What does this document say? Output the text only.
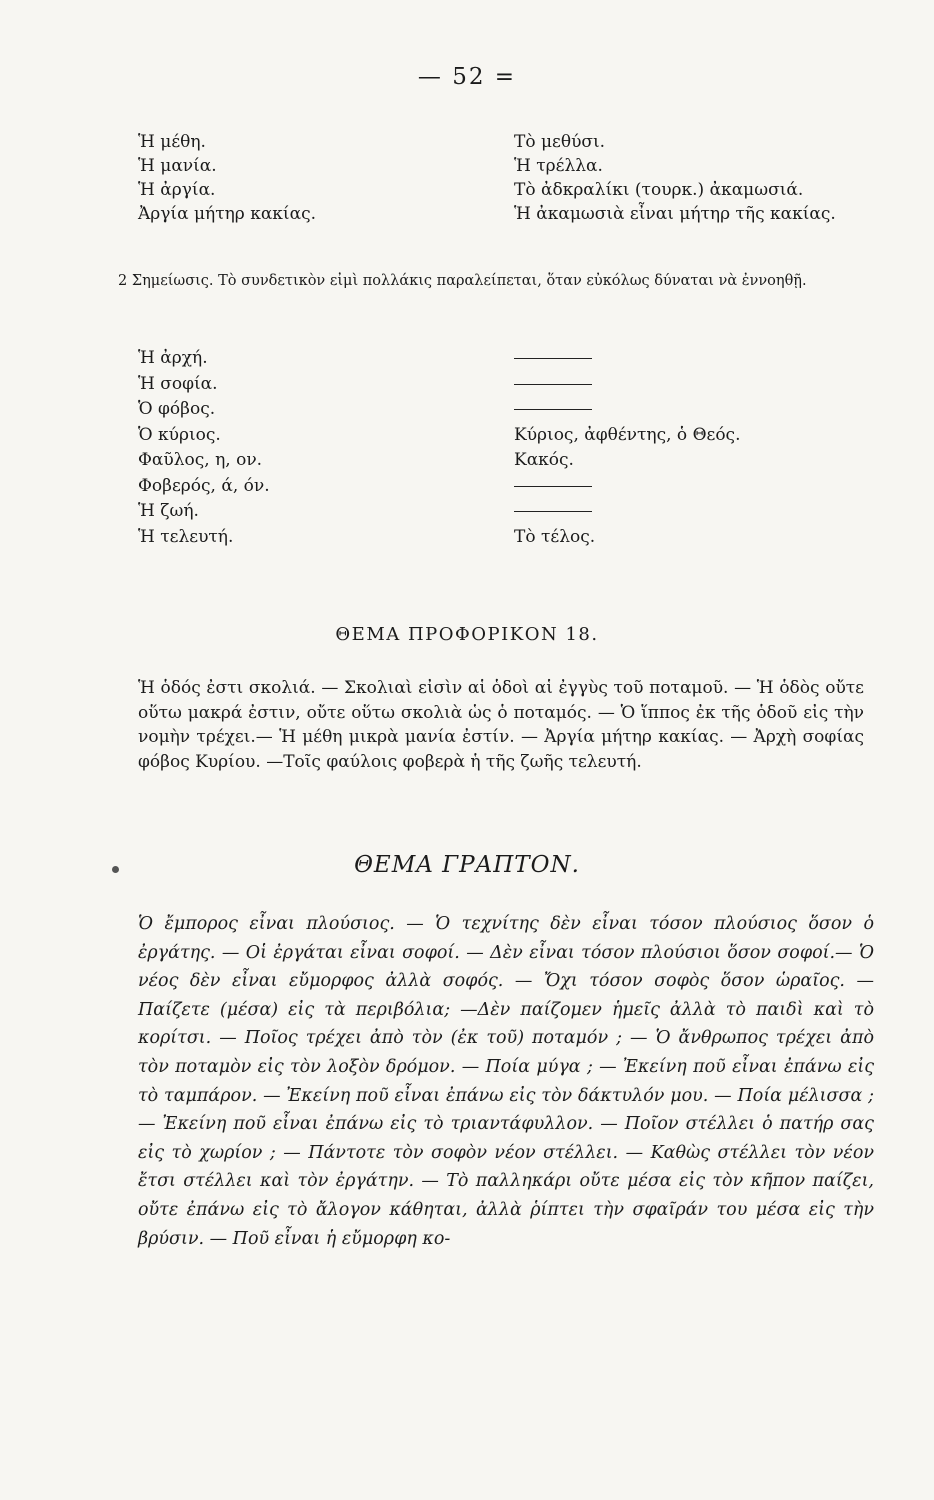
— 52 =
Ἡ μέθη.	Τὸ μεθύσι.
Ἡ μανία.	Ἡ τρέλλα.
Ἡ ἀργία.	Τὸ ἀδκραλίκι (τουρκ.) ἀκαμωσιά.
Ἀργία μήτηρ κακίας.	Ἡ ἀκαμωσιὰ εἶναι μήτηρ τῆς κακίας.
2 Σημείωσις. Τὸ συνδετικὸν εἰμὶ πολλάκις παραλείπεται, ὅταν εὐκόλως δύναται νὰ ἐννοηθῇ.
Ἡ ἀρχή.
Ἡ σοφία.
Ὁ φόβος.
Ὁ κύριος.	Κύριος, ἀφθέντης, ὁ Θεός.
Φαῦλος, η, ον.	Κακός.
Φοβερός, ά, όν.
Ἡ ζωή.
Ἡ τελευτή.	Τὸ τέλος.
ΘΕΜΑ ΠΡΟΦΟΡΙΚΟΝ 18.

Ἡ ὁδός ἐστι σκολιά. — Σκολιαὶ εἰσὶν αἱ ὁδοὶ αἱ ἐγγὺς τοῦ ποταμοῦ. — Ἡ ὁδὸς οὔτε οὕτω μακρά ἐστιν, οὔτε οὕτω σκολιὰ ὡς ὁ ποταμός. — Ὁ ἵππος ἐκ τῆς ὁδοῦ εἰς τὴν νομὴν τρέχει.— Ἡ μέθη μικρὰ μανία ἐστίν. — Ἀργία μήτηρ κακίας. — Ἀρχὴ σοφίας φόβος Κυρίου. —Τοῖς φαύλοις φοβερὰ ἡ τῆς ζωῆς τελευτή.

ΘΕΜΑ ΓΡΑΠΤΟΝ.

Ὁ ἔμπορος εἶναι πλούσιος. — Ὁ τεχνίτης δὲν εἶναι τόσον πλούσιος ὅσον ὁ ἐργάτης. — Οἱ ἐργάται εἶναι σοφοί. — Δὲν εἶναι τόσον πλούσιοι ὅσον σοφοί.— Ὁ νέος δὲν εἶναι εὔμορφος ἀλλὰ σοφός. — Ὄχι τόσον σοφὸς ὅσον ὡραῖος. — Παίζετε (μέσα) εἰς τὰ περιβόλια; —Δὲν παίζομεν ἡμεῖς ἀλλὰ τὸ παιδὶ καὶ τὸ κορίτσι. — Ποῖος τρέχει ἀπὸ τὸν (ἐκ τοῦ) ποταμόν ; — Ὁ ἄνθρωπος τρέχει ἀπὸ τὸν ποταμὸν εἰς τὸν λοξὸν δρόμον. — Ποία μύγα ; — Ἐκείνη ποῦ εἶναι ἐπάνω εἰς τὸ ταμπάρον. — Ἐκείνη ποῦ εἶναι ἐπάνω εἰς τὸν δάκτυλόν μου. — Ποία μέλισσα ; — Ἐκείνη ποῦ εἶναι ἐπάνω εἰς τὸ τριαντάφυλλον. — Ποῖον στέλλει ὁ πατήρ σας εἰς τὸ χωρίον ; — Πάντοτε τὸν σοφὸν νέον στέλλει. — Καθὼς στέλλει τὸν νέον ἔτσι στέλλει καὶ τὸν ἐργάτην. — Τὸ παλληκάρι οὔτε μέσα εἰς τὸν κῆπον παίζει, οὔτε ἐπάνω εἰς τὸ ἄλογον κάθηται, ἀλλὰ ῥίπτει τὴν σφαῖράν του μέσα εἰς τὴν βρύσιν. — Ποῦ εἶναι ἡ εὔμορφη κο-
